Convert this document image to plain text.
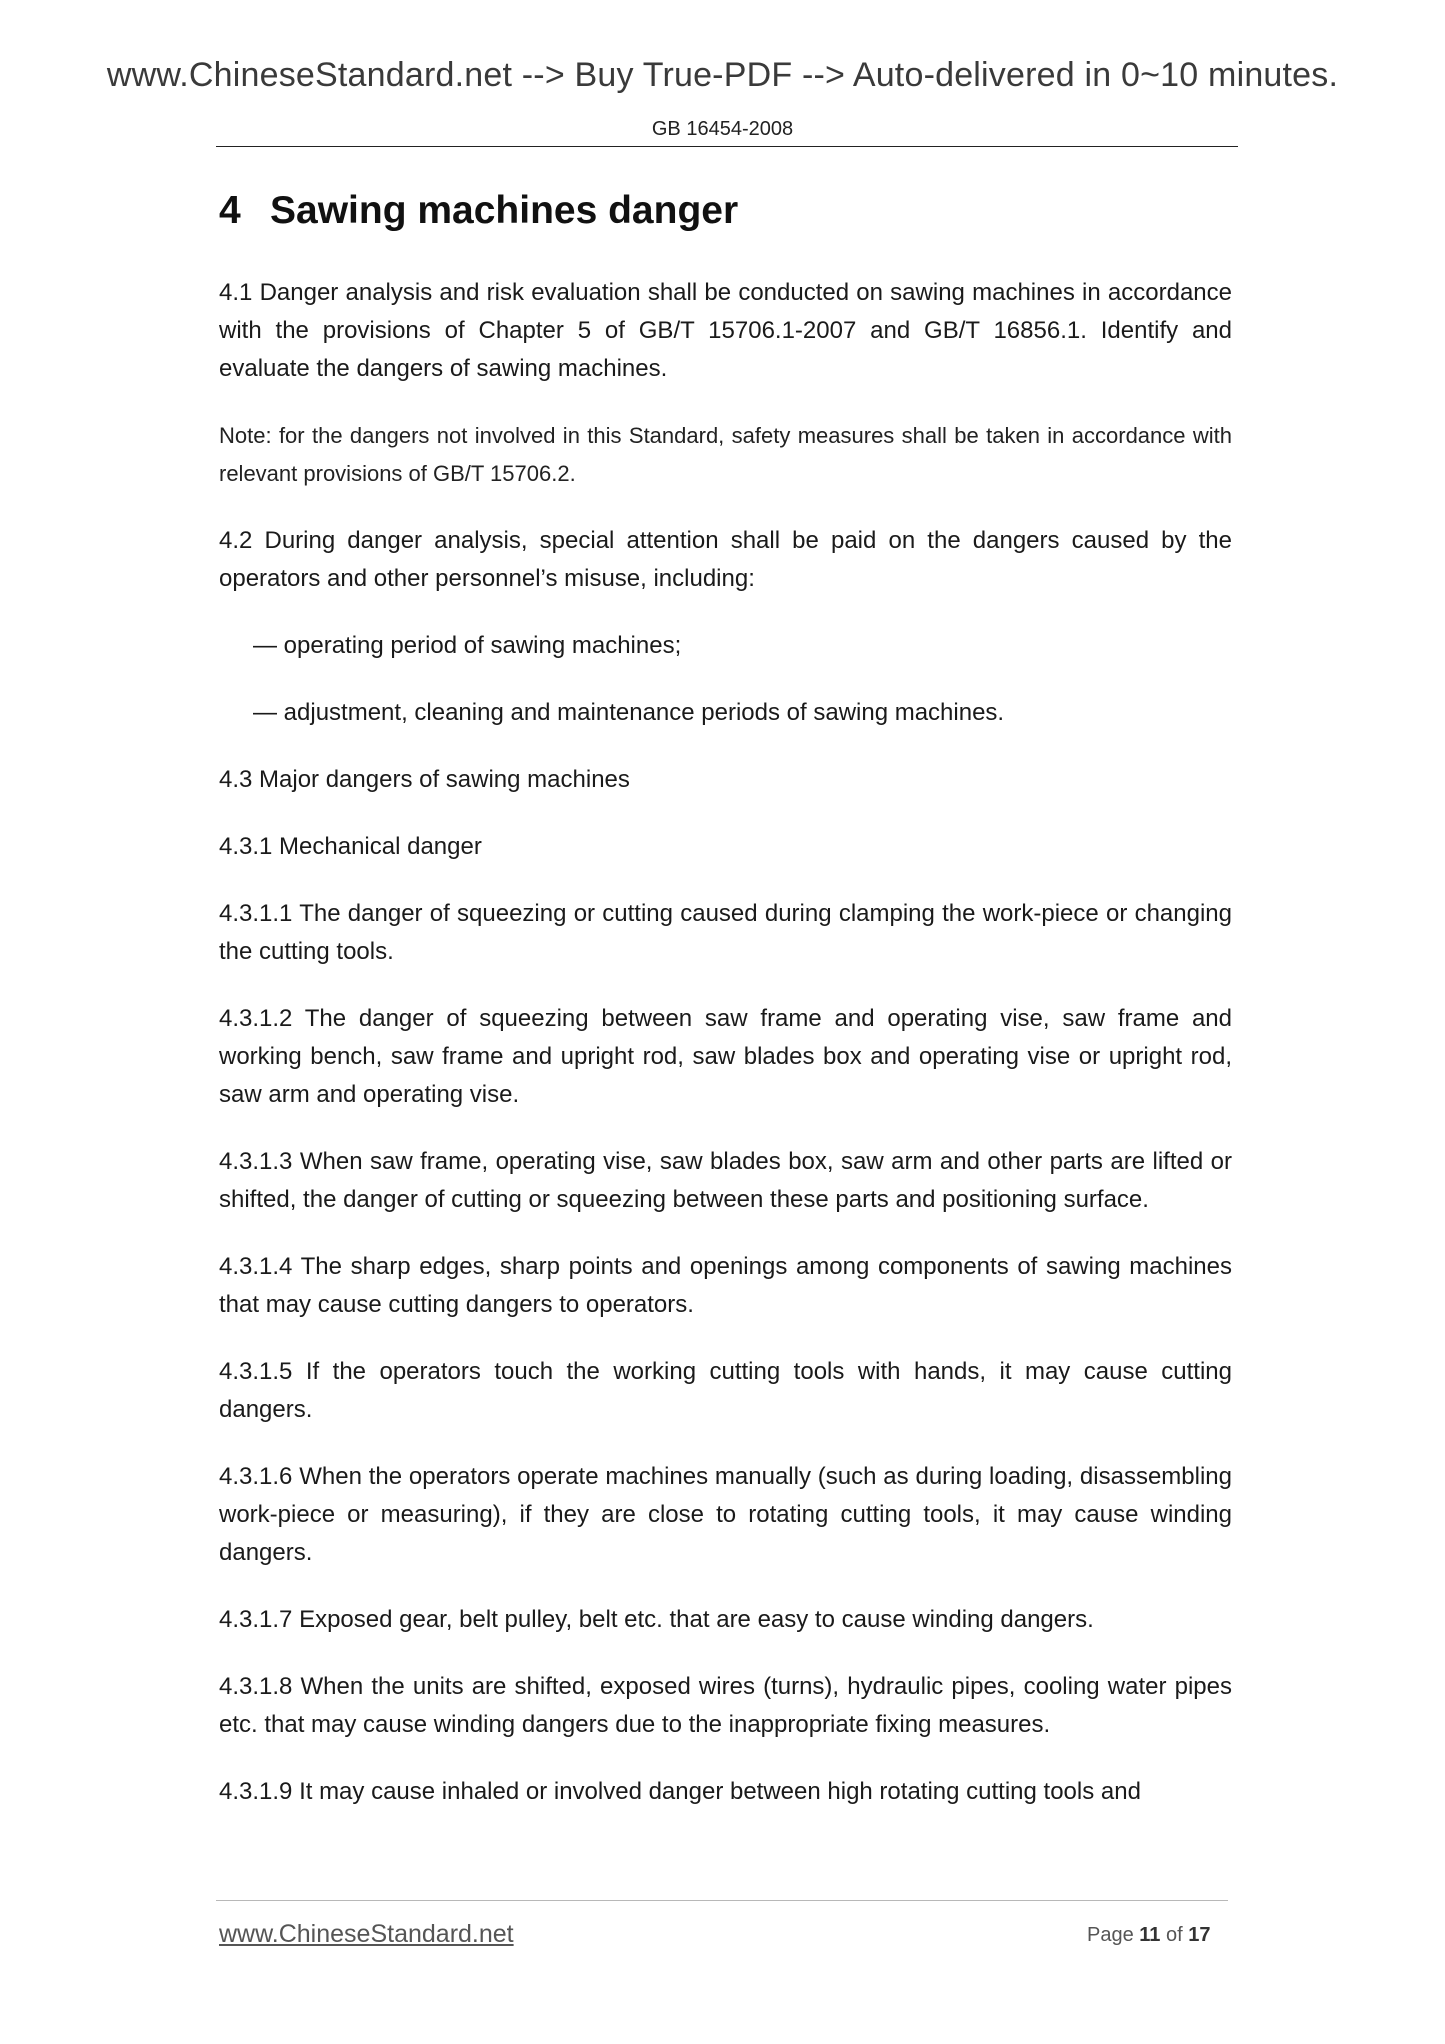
www.ChineseStandard.net --> Buy True-PDF --> Auto-delivered in 0~10 minutes.
GB 16454-2008
4 Sawing machines danger

4.1 Danger analysis and risk evaluation shall be conducted on sawing machines in accordance with the provisions of Chapter 5 of GB/T 15706.1-2007 and GB/T 16856.1. Identify and evaluate the dangers of sawing machines.

Note: for the dangers not involved in this Standard, safety measures shall be taken in accordance with relevant provisions of GB/T 15706.2.

4.2 During danger analysis, special attention shall be paid on the dangers caused by the operators and other personnel’s misuse, including:

— operating period of sawing machines;

— adjustment, cleaning and maintenance periods of sawing machines.

4.3 Major dangers of sawing machines

4.3.1 Mechanical danger

4.3.1.1 The danger of squeezing or cutting caused during clamping the work-piece or changing the cutting tools.

4.3.1.2 The danger of squeezing between saw frame and operating vise, saw frame and working bench, saw frame and upright rod, saw blades box and operating vise or upright rod, saw arm and operating vise.

4.3.1.3 When saw frame, operating vise, saw blades box, saw arm and other parts are lifted or shifted, the danger of cutting or squeezing between these parts and positioning surface.

4.3.1.4 The sharp edges, sharp points and openings among components of sawing machines that may cause cutting dangers to operators.

4.3.1.5 If the operators touch the working cutting tools with hands, it may cause cutting dangers.

4.3.1.6 When the operators operate machines manually (such as during loading, disassembling work-piece or measuring), if they are close to rotating cutting tools, it may cause winding dangers.

4.3.1.7 Exposed gear, belt pulley, belt etc. that are easy to cause winding dangers.

4.3.1.8 When the units are shifted, exposed wires (turns), hydraulic pipes, cooling water pipes etc. that may cause winding dangers due to the inappropriate fixing measures.

4.3.1.9 It may cause inhaled or involved danger between high rotating cutting tools and

www.ChineseStandard.net	Page 11 of 17
